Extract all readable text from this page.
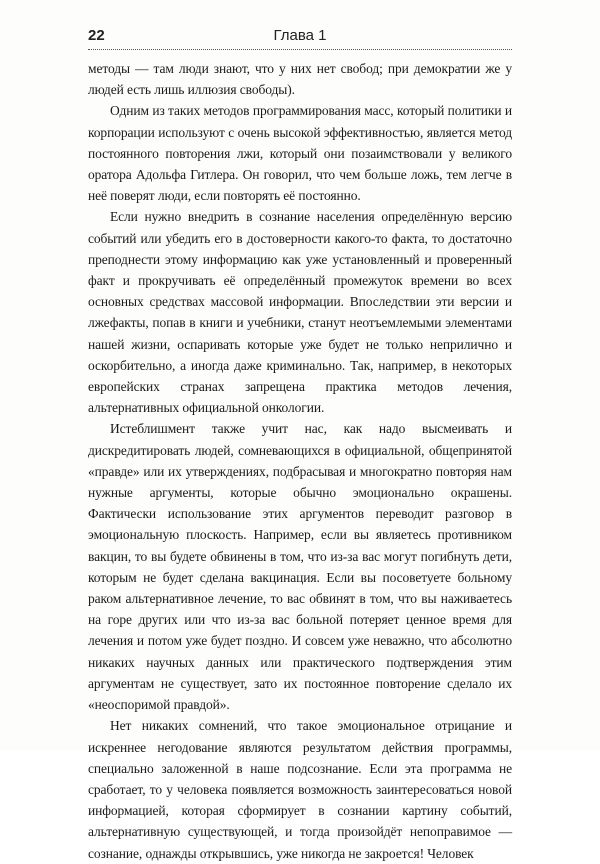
22	Глава 1

методы — там люди знают, что у них нет свобод; при демократии же у людей есть лишь иллюзия свободы).

Одним из таких методов программирования масс, который политики и корпорации используют с очень высокой эффективностью, является метод постоянного повторения лжи, который они позаимствовали у великого оратора Адольфа Гитлера. Он говорил, что чем больше ложь, тем легче в неё поверят люди, если повторять её постоянно.

Если нужно внедрить в сознание населения определённую версию событий или убедить его в достоверности какого-то факта, то достаточно преподнести этому информацию как уже установленный и проверенный факт и прокручивать её определённый промежуток времени во всех основных средствах массовой информации. Впоследствии эти версии и лжефакты, попав в книги и учебники, станут неотъемлемыми элементами нашей жизни, оспаривать которые уже будет не только неприлично и оскорбительно, а иногда даже криминально. Так, например, в некоторых европейских странах запрещена практика методов лечения, альтернативных официальной онкологии.

Истеблишмент также учит нас, как надо высмеивать и дискредитировать людей, сомневающихся в официальной, общепринятой «правде» или их утверждениях, подбрасывая и многократно повторяя нам нужные аргументы, которые обычно эмоционально окрашены. Фактически использование этих аргументов переводит разговор в эмоциональную плоскость. Например, если вы являетесь противником вакцин, то вы будете обвинены в том, что из-за вас могут погибнуть дети, которым не будет сделана вакцинация. Если вы посоветуете больному раком альтернативное лечение, то вас обвинят в том, что вы наживаетесь на горе других или что из-за вас больной потеряет ценное время для лечения и потом уже будет поздно. И совсем уже неважно, что абсолютно никаких научных данных или практического подтверждения этим аргументам не существует, зато их постоянное повторение сделало их «неоспоримой правдой».

Нет никаких сомнений, что такое эмоциональное отрицание и искреннее негодование являются результатом действия программы, специально заложенной в наше подсознание. Если эта программа не сработает, то у человека появляется возможность заинтересоваться новой информацией, которая сформирует в сознании картину событий, альтернативную существующей, и тогда произойдёт непоправимое — сознание, однажды открывшись, уже никогда не закроется! Человек
